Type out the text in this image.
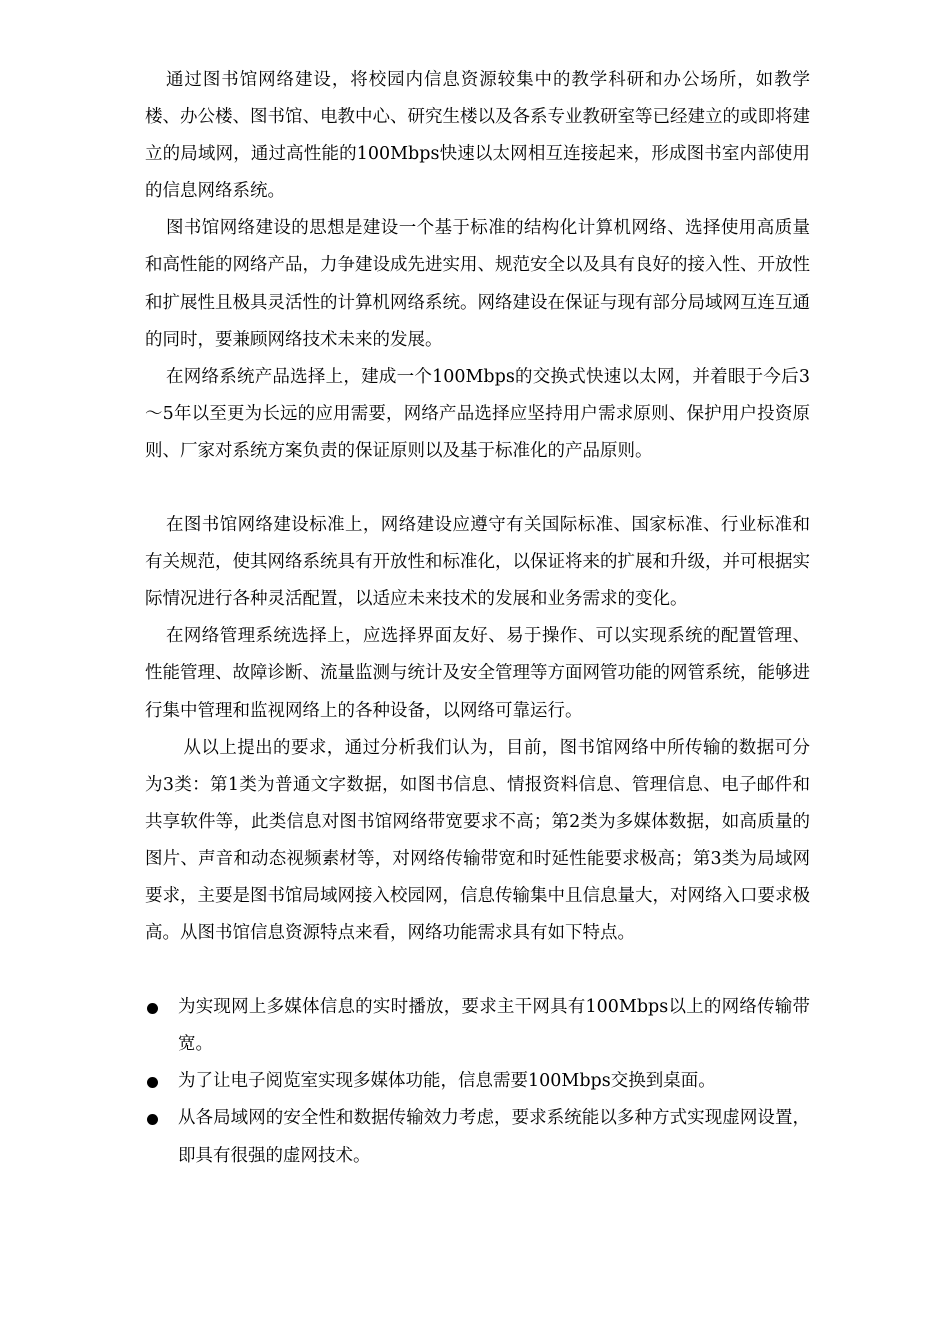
通过图书馆网络建设，将校园内信息资源较集中的教学科研和办公场所，如教学楼、办公楼、图书馆、电教中心、研究生楼以及各系专业教研室等已经建立的或即将建立的局域网，通过高性能的100Mbps快速以太网相互连接起来，形成图书室内部使用的信息网络系统。

图书馆网络建设的思想是建设一个基于标准的结构化计算机网络、选择使用高质量和高性能的网络产品，力争建设成先进实用、规范安全以及具有良好的接入性、开放性和扩展性且极具灵活性的计算机网络系统。网络建设在保证与现有部分局域网互连互通的同时，要兼顾网络技术未来的发展。

在网络系统产品选择上，建成一个100Mbps的交换式快速以太网，并着眼于今后3～5年以至更为长远的应用需要，网络产品选择应坚持用户需求原则、保护用户投资原则、厂家对系统方案负责的保证原则以及基于标准化的产品原则。

在图书馆网络建设标准上，网络建设应遵守有关国际标准、国家标准、行业标准和有关规范，使其网络系统具有开放性和标准化，以保证将来的扩展和升级，并可根据实际情况进行各种灵活配置，以适应未来技术的发展和业务需求的变化。

在网络管理系统选择上，应选择界面友好、易于操作、可以实现系统的配置管理、性能管理、故障诊断、流量监测与统计及安全管理等方面网管功能的网管系统，能够进行集中管理和监视网络上的各种设备，以网络可靠运行。

从以上提出的要求，通过分析我们认为，目前，图书馆网络中所传输的数据可分为3类：第1类为普通文字数据，如图书信息、情报资料信息、管理信息、电子邮件和共享软件等，此类信息对图书馆网络带宽要求不高；第2类为多媒体数据，如高质量的图片、声音和动态视频素材等，对网络传输带宽和时延性能要求极高；第3类为局域网要求，主要是图书馆局域网接入校园网，信息传输集中且信息量大，对网络入口要求极高。从图书馆信息资源特点来看，网络功能需求具有如下特点。

为实现网上多媒体信息的实时播放，要求主干网具有100Mbps以上的网络传输带宽。
为了让电子阅览室实现多媒体功能，信息需要100Mbps交换到桌面。
从各局域网的安全性和数据传输效力考虑，要求系统能以多种方式实现虚网设置，即具有很强的虚网技术。
